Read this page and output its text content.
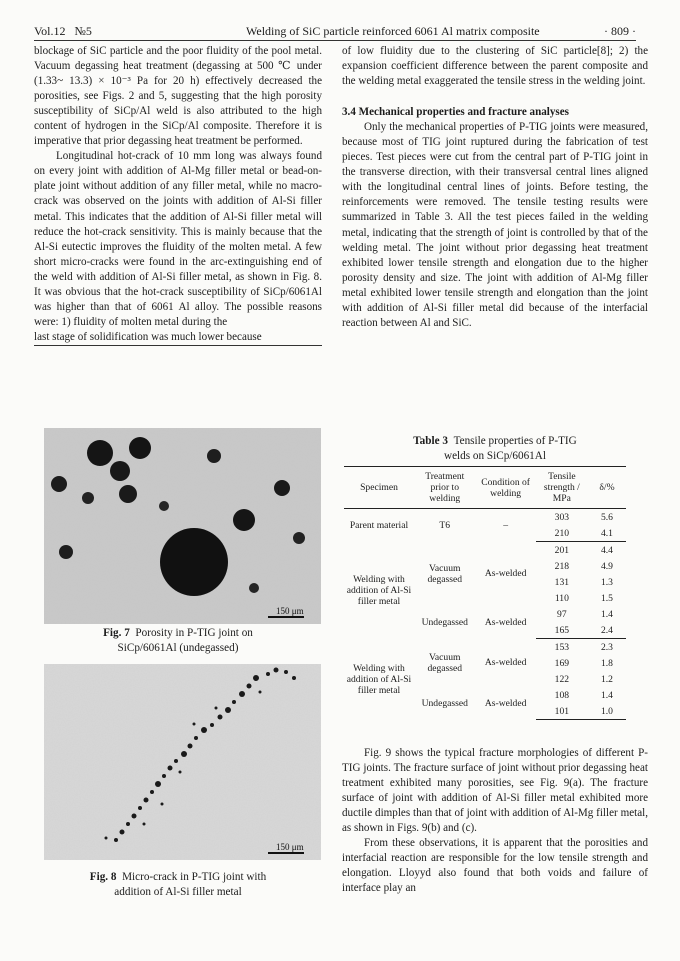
Vol.12 №5	Welding of SiC particle reinforced 6061 Al matrix composite	· 809 ·

blockage of SiC particle and the poor fluidity of the pool metal. Vacuum degassing heat treatment (degassing at 500 ℃ under (1.33~ 13.3) × 10⁻³ Pa for 20 h) effectively decreased the porosities, see Figs. 2 and 5, suggesting that the high porosity susceptibility of SiCp/Al weld is also attributed to the high content of hydrogen in the SiCp/Al composite. Therefore it is imperative that prior degassing heat treatment be performed.

Longitudinal hot-crack of 10 mm long was always found on every joint with addition of Al-Mg filler metal or bead-on-plate joint without addition of any filler metal, while no macro-crack was observed on the joints with addition of Al-Si filler metal. This indicates that the addition of Al-Si filler metal will reduce the hot-crack sensitivity. This is mainly because that the Al-Si eutectic improves the fluidity of the molten metal. A few short micro-cracks were found in the arc-extinguishing end of the weld with addition of Al-Si filler metal, as shown in Fig. 8. It was obvious that the hot-crack susceptibility of SiCp/6061Al was higher than that of 6061 Al alloy. The possible reasons were: 1) fluidity of molten metal during the

last stage of solidification was much lower because

150 μm
Fig. 7 Porosity in P-TIG joint on
SiCp/6061Al (undegassed)
150 μm
Fig. 8 Micro-crack in P-TIG joint with
addition of Al-Si filler metal

of low fluidity due to the clustering of SiC particle[8]; 2) the expansion coefficient difference between the parent composite and the welding metal exaggerated the tensile stress in the welding joint.

3.4 Mechanical properties and fracture analyses

Only the mechanical properties of P-TIG joints were measured, because most of TIG joint ruptured during the fabrication of test pieces. Test pieces were cut from the central part of P-TIG joint in the transverse direction, with their transversal central lines aligned with the longitudinal central lines of joints. Before testing, the reinforcements were removed. The tensile testing results were summarized in Table 3. All the test pieces failed in the welding metal, indicating that the strength of joint is controlled by that of the welding metal. The joint without prior degassing heat treatment exhibited lower tensile strength and elongation due to the higher porosity density and size. The joint with addition of Al-Mg filler metal exhibited lower tensile strength and elongation than the joint with addition of Al-Si filler metal did because of the interfacial reaction between Al and SiC.

Table 3 Tensile properties of P-TIG
welds on SiCp/6061Al
Specimen	Treatment prior to welding	Condition of welding	Tensile strength / MPa	δ/%
Parent material	T6	–	303	5.6
			210	4.1
Welding with addition of Al-Si filler metal	Vacuum degassed	As-welded	201	4.4
			218	4.9
			131	1.3
			110	1.5
	Undegassed	As-welded	97	1.4
			165	2.4
Welding with addition of Al-Si filler metal	Vacuum degassed	As-welded	153	2.3
			169	1.8
			122	1.2
	Undegassed	As-welded	108	1.4
			101	1.0

Fig. 9 shows the typical fracture morphologies of different P-TIG joints. The fracture surface of joint without prior degassing heat treatment exhibited many porosities, see Fig. 9(a). The fracture surface of joint with addition of Al-Si filler metal exhibited more ductile dimples than that of joint with addition of Al-Mg filler metal, as shown in Figs. 9(b) and (c).

From these observations, it is apparent that the porosities and interfacial reaction are responsible for the low tensile strength and elongation. Lloyyd also found that both voids and failure of interface play an
